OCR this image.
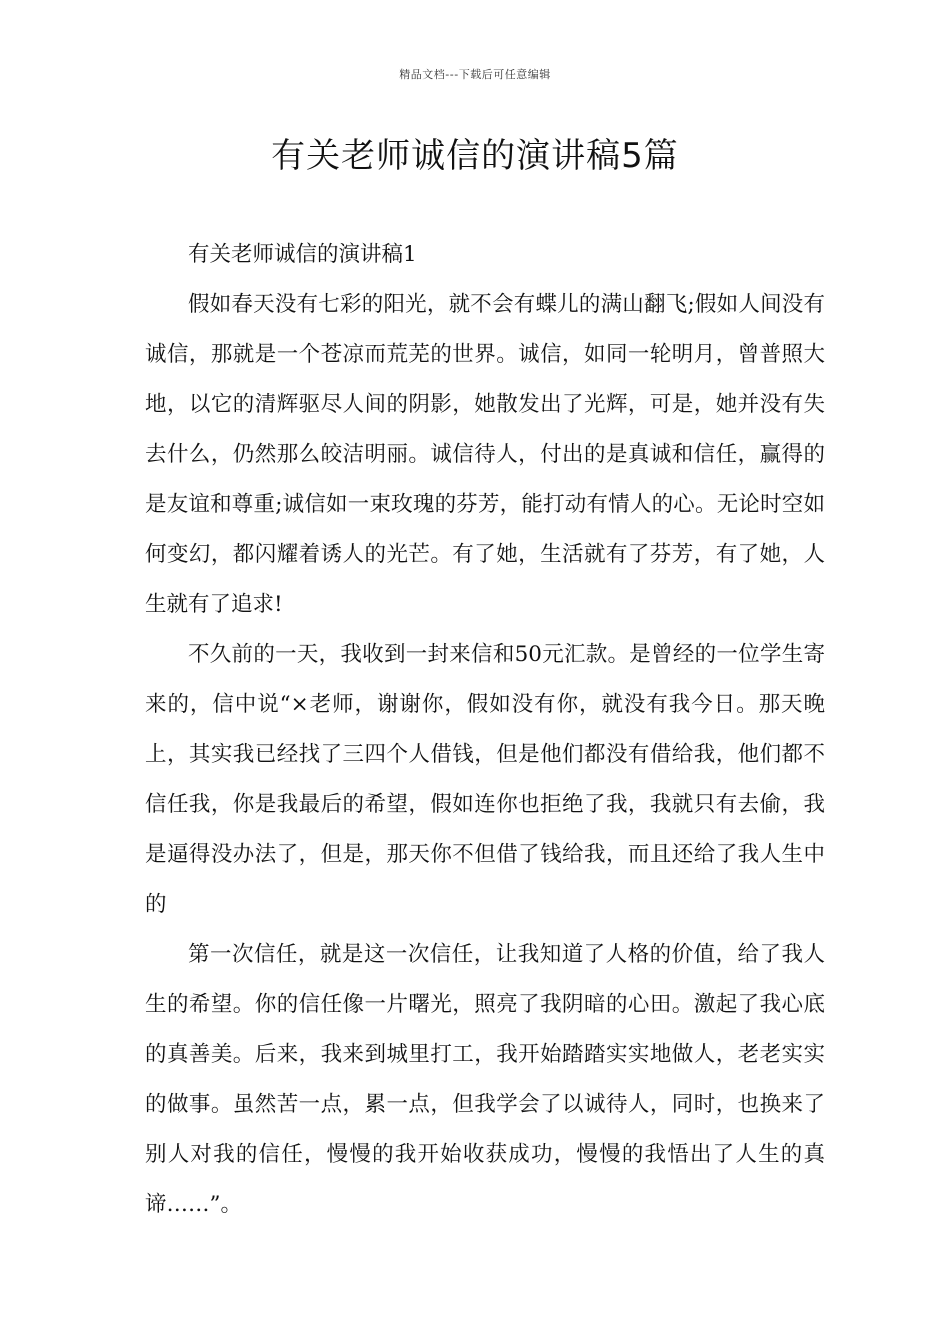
精品文档---下载后可任意编辑
有关老师诚信的演讲稿5篇

有关老师诚信的演讲稿1

假如春天没有七彩的阳光，就不会有蝶儿的满山翻飞;假如人间没有诚信，那就是一个苍凉而荒芜的世界。诚信，如同一轮明月，曾普照大地，以它的清辉驱尽人间的阴影，她散发出了光辉，可是，她并没有失去什么，仍然那么皎洁明丽。诚信待人，付出的是真诚和信任，赢得的是友谊和尊重;诚信如一束玫瑰的芬芳，能打动有情人的心。无论时空如何变幻，都闪耀着诱人的光芒。有了她，生活就有了芬芳，有了她，人生就有了追求!

不久前的一天，我收到一封来信和50元汇款。是曾经的一位学生寄来的，信中说“×老师，谢谢你，假如没有你，就没有我今日。那天晚上，其实我已经找了三四个人借钱，但是他们都没有借给我，他们都不信任我，你是我最后的希望，假如连你也拒绝了我，我就只有去偷，我是逼得没办法了，但是，那天你不但借了钱给我，而且还给了我人生中的

第一次信任，就是这一次信任，让我知道了人格的价值，给了我人生的希望。你的信任像一片曙光，照亮了我阴暗的心田。激起了我心底的真善美。后来，我来到城里打工，我开始踏踏实实地做人，老老实实的做事。虽然苦一点，累一点，但我学会了以诚待人，同时，也换来了别人对我的信任，慢慢的我开始收获成功，慢慢的我悟出了人生的真谛……”。
